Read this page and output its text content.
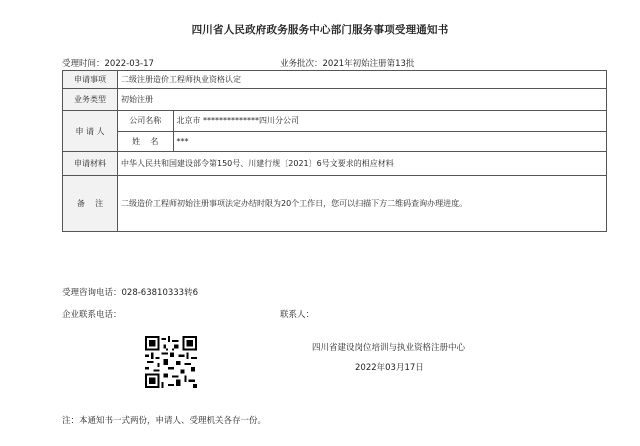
四川省人民政府政务服务中心部门服务事项受理通知书
受理时间：2022-03-17	业务批次：2021年初始注册第13批
申请事项	二级注册造价工程师执业资格认定
业务类型	初始注册
申 请 人	
公司名称	北京市 **************四川分公司
姓    名	***

申请材料	中华人民共和国建设部令第150号、川建行规〔2021〕6号文要求的相应材料
备    注	二级造价工程师初始注册事项法定办结时限为20个工作日，您可以扫描下方二维码查询办理进度。
受理咨询电话：028-63810333转6
企业联系电话：	联系人：
四川省建设岗位培训与执业资格注册中心
2022年03月17日
注：本通知书一式两份，申请人、受理机关各存一份。
